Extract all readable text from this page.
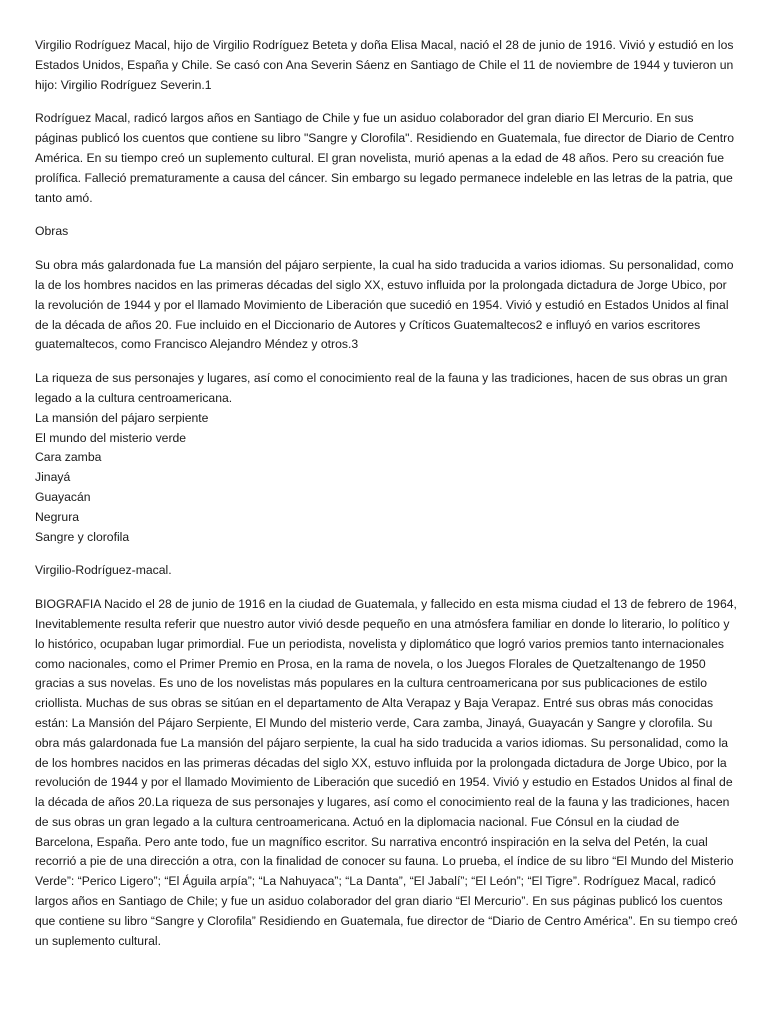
Virgilio Rodríguez Macal, hijo de Virgilio Rodríguez Beteta y doña Elisa Macal, nació el 28 de junio de 1916. Vivió y estudió en los Estados Unidos, España y Chile. Se casó con Ana Severin Sáenz en Santiago de Chile el 11 de noviembre de 1944 y tuvieron un hijo: Virgilio Rodríguez Severin.1

Rodríguez Macal, radicó largos años en Santiago de Chile y fue un asiduo colaborador del gran diario El Mercurio. En sus páginas publicó los cuentos que contiene su libro "Sangre y Clorofila". Residiendo en Guatemala, fue director de Diario de Centro América. En su tiempo creó un suplemento cultural. El gran novelista, murió apenas a la edad de 48 años. Pero su creación fue prolífica. Falleció prematuramente a causa del cáncer. Sin embargo su legado permanece indeleble en las letras de la patria, que tanto amó.

Obras

Su obra más galardonada fue La mansión del pájaro serpiente, la cual ha sido traducida a varios idiomas. Su personalidad, como la de los hombres nacidos en las primeras décadas del siglo XX, estuvo influida por la prolongada dictadura de Jorge Ubico, por la revolución de 1944 y por el llamado Movimiento de Liberación que sucedió en 1954. Vivió y estudió en Estados Unidos al final de la década de años 20. Fue incluido en el Diccionario de Autores y Críticos Guatemaltecos2 e influyó en varios escritores guatemaltecos, como Francisco Alejandro Méndez y otros.3

La riqueza de sus personajes y lugares, así como el conocimiento real de la fauna y las tradiciones, hacen de sus obras un gran legado a la cultura centroamericana.
La mansión del pájaro serpiente
El mundo del misterio verde
Cara zamba
Jinayá
Guayacán
Negrura
Sangre y clorofila

Virgilio-Rodríguez-macal.

BIOGRAFIA Nacido el 28 de junio de 1916 en la ciudad de Guatemala, y fallecido en esta misma ciudad el 13 de febrero de 1964, Inevitablemente resulta referir que nuestro autor vivió desde pequeño en una atmósfera familiar en donde lo literario, lo político y lo histórico, ocupaban lugar primordial. Fue un periodista, novelista y diplomático que logró varios premios tanto internacionales como nacionales, como el Primer Premio en Prosa, en la rama de novela, o los Juegos Florales de Quetzaltenango de 1950 gracias a sus novelas. Es uno de los novelistas más populares en la cultura centroamericana por sus publicaciones de estilo criollista. Muchas de sus obras se sitúan en el departamento de Alta Verapaz y Baja Verapaz. Entré sus obras más conocidas están: La Mansión del Pájaro Serpiente, El Mundo del misterio verde, Cara zamba, Jinayá, Guayacán y Sangre y clorofila. Su obra más galardonada fue La mansión del pájaro serpiente, la cual ha sido traducida a varios idiomas. Su personalidad, como la de los hombres nacidos en las primeras décadas del siglo XX, estuvo influida por la prolongada dictadura de Jorge Ubico, por la revolución de 1944 y por el llamado Movimiento de Liberación que sucedió en 1954. Vivió y estudio en Estados Unidos al final de la década de años 20.La riqueza de sus personajes y lugares, así como el conocimiento real de la fauna y las tradiciones, hacen de sus obras un gran legado a la cultura centroamericana. Actuó en la diplomacia nacional. Fue Cónsul en la ciudad de Barcelona, España. Pero ante todo, fue un magnífico escritor. Su narrativa encontró inspiración en la selva del Petén, la cual recorrió a pie de una dirección a otra, con la finalidad de conocer su fauna. Lo prueba, el índice de su libro “El Mundo del Misterio Verde”: “Perico Ligero”; “El Águila arpía”; “La Nahuyaca”; “La Danta”, “El Jabalí”; “El León”; “El Tigre”. Rodríguez Macal, radicó largos años en Santiago de Chile; y fue un asiduo colaborador del gran diario “El Mercurio”. En sus páginas publicó los cuentos que contiene su libro “Sangre y Clorofila” Residiendo en Guatemala, fue director de “Diario de Centro América”. En su tiempo creó un suplemento cultural.
